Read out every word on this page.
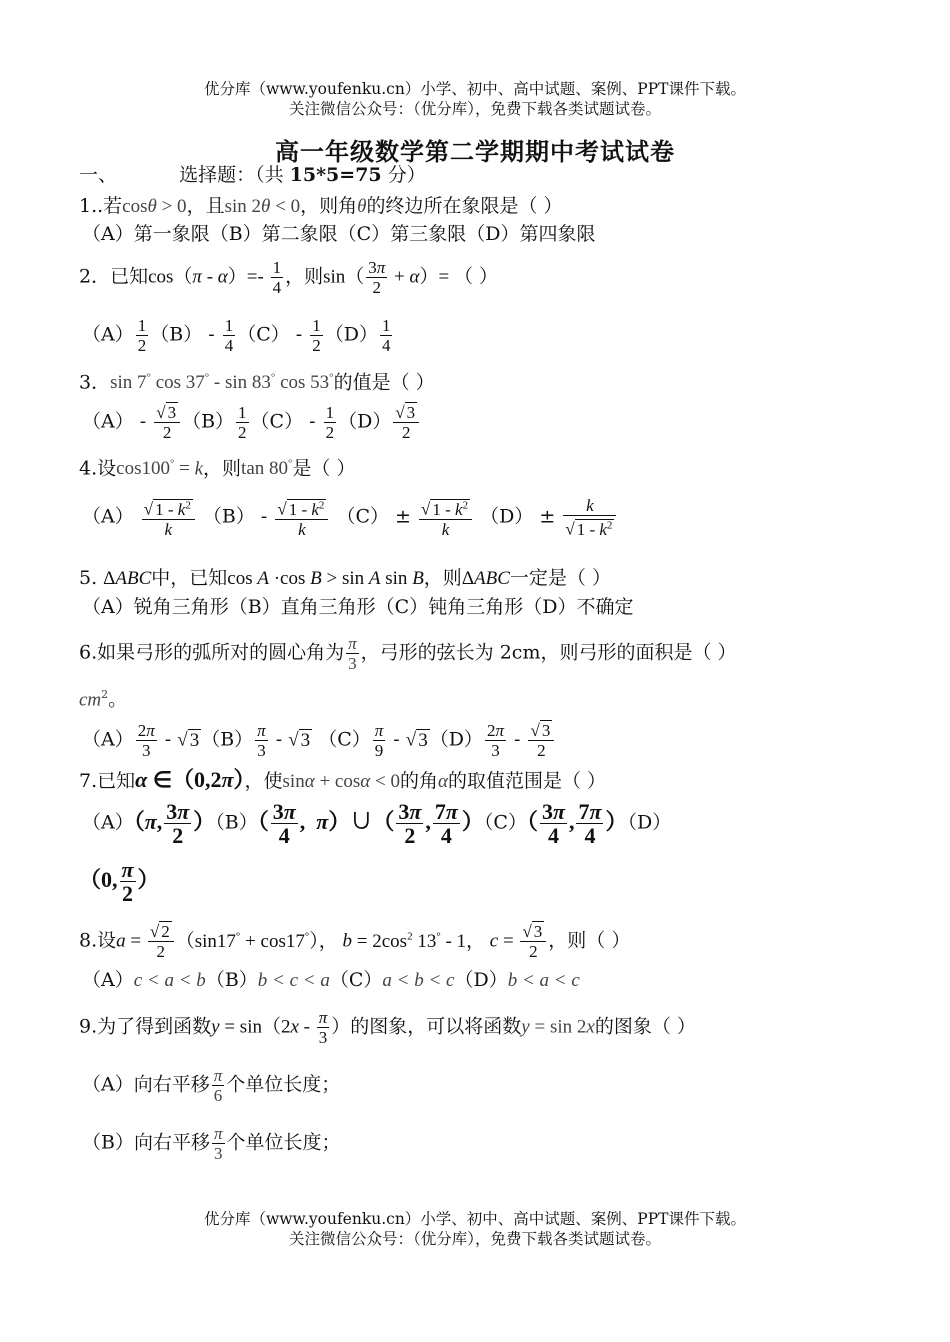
优分库（www.youfenku.cn）小学、初中、高中试题、案例、PPT课件下载。
关注微信公众号：（优分库），免费下载各类试题试卷。
高一年级数学第二学期期中考试试卷
一、	选择题：（共 15*5=75 分）
1..若cosθ > 0，且sin 2θ < 0，则角θ的终边所在象限是（ ）
（A）第一象限（B）第二象限（C）第三象限（D）第四象限
2．已知$\cos(\pi - \alpha)=- \frac{1}{4}$ ，则$\sin( \frac{3\pi}{2} + \alpha)=$ （ ）
$(A) \frac{1}{2} (B) - \frac{1}{4} (C) - \frac{1}{2} (D) \frac{1}{4}$
3．sin 7° cos 37° - sin 83° cos 53°的值是（ ）
$(A) - \frac{√ 3}{2} (B) \frac{1}{2} (C) - \frac{1}{2} (D) \frac{√ 3}{2}$
4.设cos100° = k，则tan 80°是（ ）
$(A) \frac{√ 1 - k^2}{k} (B) - \frac{√ 1 - k^2}{k} (C) \pm \frac{√ 1 - k^2}{k} (D) \pm \frac{k}{√ 1 - k^2}$
5. ΔABC中，已知cos A ·cos B > sin A sin B，则ΔABC一定是（ ）
（A）锐角三角形（B）直角三角形（C）钝角三角形（D）不确定
6.如果弓形的弧所对的圆心角为 $\frac{\pi}{3}$ ，弓形的弦长为 2cm，则弓形的面积是（ ）
$cm^2$。
$(A) \frac{2\pi}{3}$ - √ 3 $(B) \frac{\pi}{3}$ - √ 3 $(C) \frac{\pi}{9}$ - √ 3 $(D) \frac{2\pi}{3} - \frac{√ 3}{2}$
7.已知α ∈（0,2π），使sinα + cosα < 0的角α的取值范围是（ ）
（A）（π, $\frac{3\pi}{2} )(B)( \frac{3\pi}{4}$ ,  π）∪（ $\frac{3\pi}{2}$ , $\frac{7\pi}{4} )(C)( \frac{3\pi}{4}$ , $\frac{7\pi}{4} )(D)$
（0, $\frac{\pi}{2}$ ）
8.设$a = \frac{√ 2}{2} (\sin 17^\circ + \cos 17^\circ)$， $b = 2\cos^2$ 13° - 1， $c = \frac{√ 3}{2}$ ，则（ ）
（A）c < a < b（B）b < c < a（C）a < b < c（D）b < a < c
9.为了得到函数$y = \sin(2x - \frac{\pi}{3}$ ）的图象，可以将函数y = sin 2x的图象（ ）
（A）向右平移 $\frac{\pi}{6}$ 个单位长度；
（B）向右平移 $\frac{\pi}{3}$ 个单位长度；
优分库（www.youfenku.cn）小学、初中、高中试题、案例、PPT课件下载。
关注微信公众号：（优分库），免费下载各类试题试卷。
